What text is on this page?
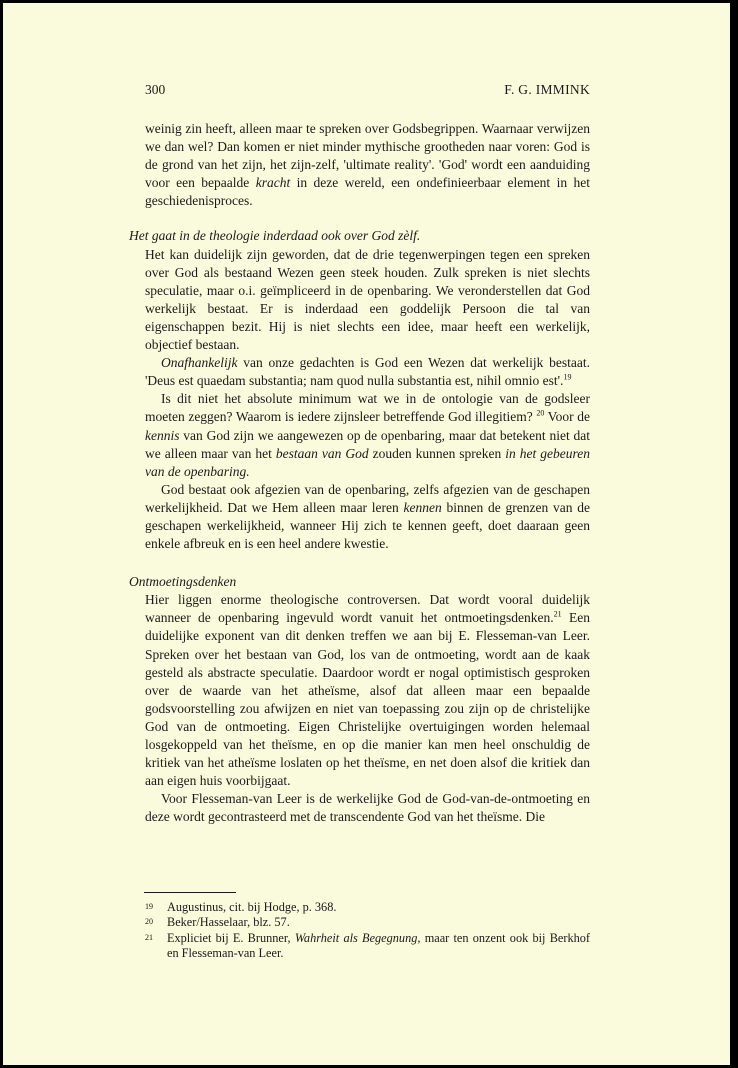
300	F. G. IMMINK

weinig zin heeft, alleen maar te spreken over Godsbegrippen. Waarnaar verwijzen we dan wel? Dan komen er niet minder mythische grootheden naar voren: God is de grond van het zijn, het zijn-zelf, 'ultimate reality'. 'God' wordt een aanduiding voor een bepaalde kracht in deze wereld, een ondefinieerbaar element in het geschiedenisproces.

Het gaat in de theologie inderdaad ook over God zèlf.
Het kan duidelijk zijn geworden, dat de drie tegenwerpingen tegen een spreken over God als bestaand Wezen geen steek houden. Zulk spreken is niet slechts speculatie, maar o.i. geïmpliceerd in de openbaring. We veronderstellen dat God werkelijk bestaat. Er is inderdaad een goddelijk Persoon die tal van eigenschappen bezit. Hij is niet slechts een idee, maar heeft een werkelijk, objectief bestaan.

Onafhankelijk van onze gedachten is God een Wezen dat werkelijk bestaat. 'Deus est quaedam substantia; nam quod nulla substantia est, nihil omnio est'.$^{19}$

Is dit niet het absolute minimum wat we in de ontologie van de godsleer moeten zeggen? Waarom is iedere zijnsleer betreffende God illegitiem? $^{20}$ Voor de kennis van God zijn we aangewezen op de openbaring, maar dat betekent niet dat we alleen maar van het bestaan van God zouden kunnen spreken in het gebeuren van de openbaring.

God bestaat ook afgezien van de openbaring, zelfs afgezien van de geschapen werkelijkheid. Dat we Hem alleen maar leren kennen binnen de grenzen van de geschapen werkelijkheid, wanneer Hij zich te kennen geeft, doet daaraan geen enkele afbreuk en is een heel andere kwestie.

Ontmoetingsdenken
Hier liggen enorme theologische controversen. Dat wordt vooral duidelijk wanneer de openbaring ingevuld wordt vanuit het ontmoetingsdenken.$^{21}$ Een duidelijke exponent van dit denken treffen we aan bij E. Flesseman-van Leer. Spreken over het bestaan van God, los van de ontmoeting, wordt aan de kaak gesteld als abstracte speculatie. Daardoor wordt er nogal optimistisch gesproken over de waarde van het atheïsme, alsof dat alleen maar een bepaalde godsvoorstelling zou afwijzen en niet van toepassing zou zijn op de christelijke God van de ontmoeting. Eigen Christelijke overtuigingen worden helemaal losgekoppeld van het theïsme, en op die manier kan men heel onschuldig de kritiek van het atheïsme loslaten op het theïsme, en net doen alsof die kritiek dan aan eigen huis voorbijgaat.

Voor Flesseman-van Leer is de werkelijke God de God-van-de-ontmoeting en deze wordt gecontrasteerd met de transcendente God van het theïsme. Die

19	Augustinus, cit. bij Hodge, p. 368.
20	Beker/Hasselaar, blz. 57.
21	Expliciet bij E. Brunner, Wahrheit als Begegnung, maar ten onzent ook bij Berkhof en Flesseman-van Leer.
